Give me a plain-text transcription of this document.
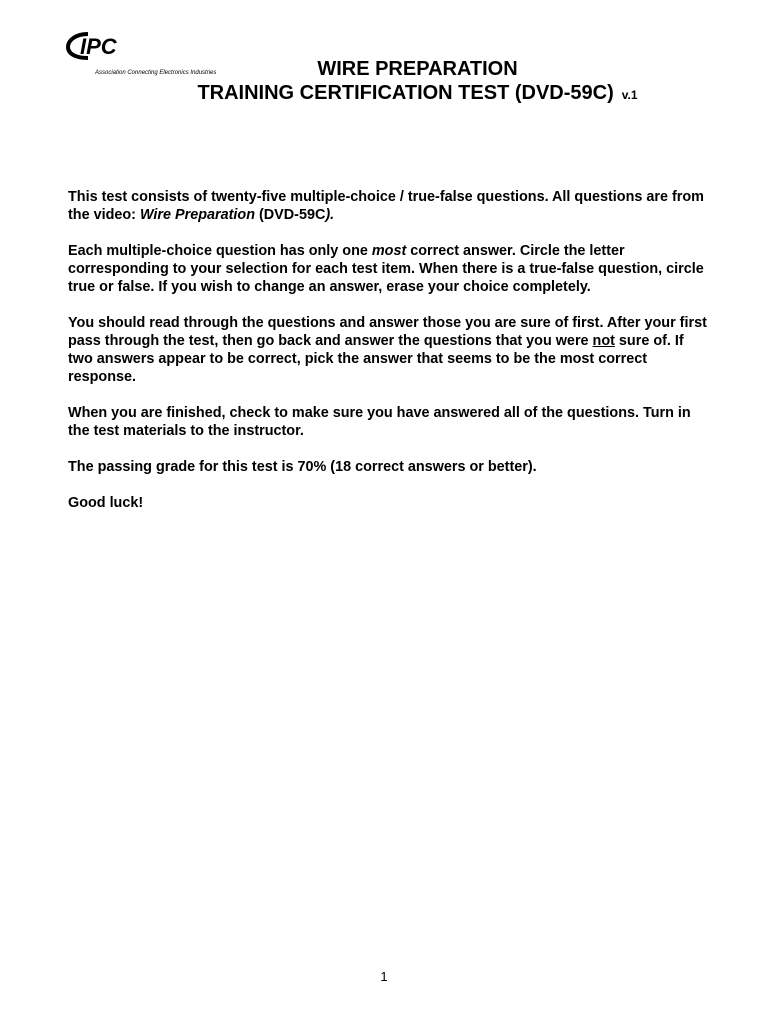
IPC
Association Connecting Electronics Industries	WIRE PREPARATION
TRAINING CERTIFICATION TEST (DVD-59C) v.1

This test consists of twenty-five multiple-choice / true-false questions. All questions are from the video: Wire Preparation (DVD-59C).

Each multiple-choice question has only one most correct answer. Circle the letter corresponding to your selection for each test item. When there is a true-false question, circle true or false. If you wish to change an answer, erase your choice completely.

You should read through the questions and answer those you are sure of first. After your first pass through the test, then go back and answer the questions that you were not sure of. If two answers appear to be correct, pick the answer that seems to be the most correct response.

When you are finished, check to make sure you have answered all of the questions. Turn in the test materials to the instructor.

The passing grade for this test is 70% (18 correct answers or better).

Good luck!

1
